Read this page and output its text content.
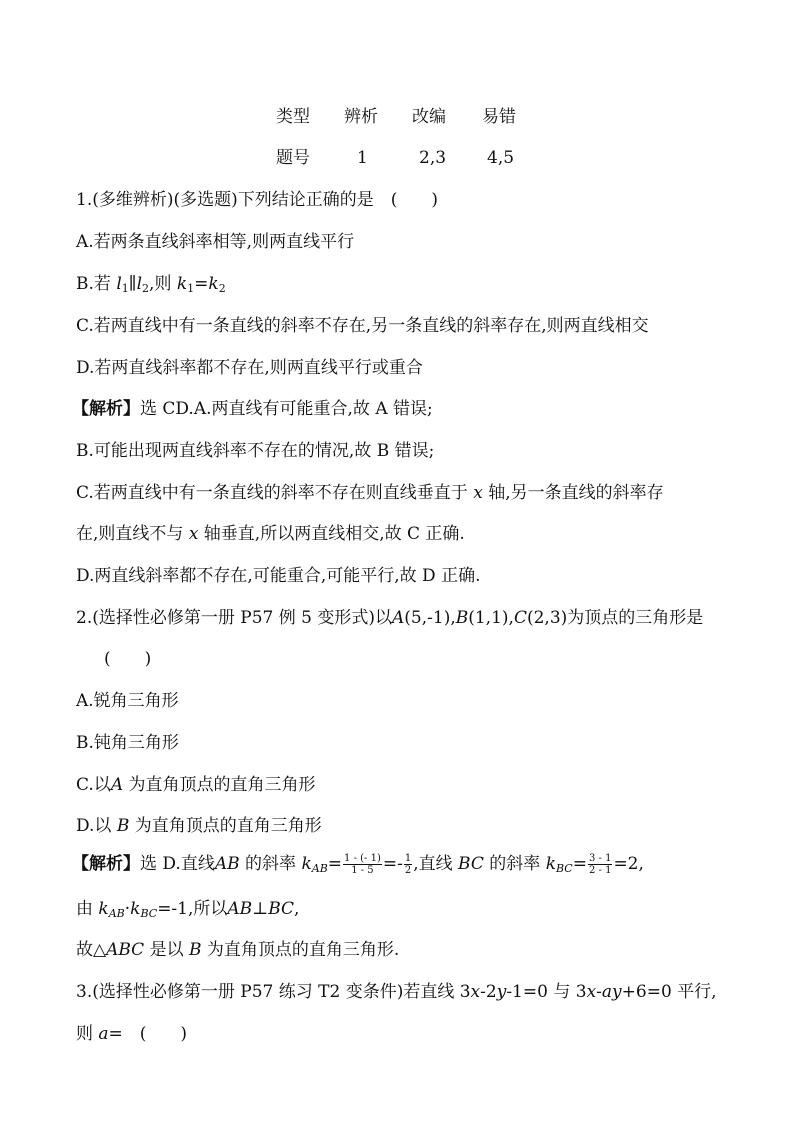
类型 辨析 改编 易错
题号	1	2,3 4,5
1.(多维辨析)(多选题)下列结论正确的是　(　　)
A.若两条直线斜率相等,则两直线平行
B.若 $l_1\parallel l_2$,则 $k_1=k_2$
C.若两直线中有一条直线的斜率不存在,另一条直线的斜率存在,则两直线相交
D.若两直线斜率都不存在,则两直线平行或重合
【解析】选 CD.A.两直线有可能重合,故 A 错误;
B.可能出现两直线斜率不存在的情况,故 B 错误;
C.若两直线中有一条直线的斜率不存在则直线垂直于 x 轴,另一条直线的斜率存
在,则直线不与 x 轴垂直,所以两直线相交,故 C 正确.
D.两直线斜率都不存在,可能重合,可能平行,故 D 正确.
2.(选择性必修第一册 P57 例 5 变形式)以A(5,-1),B(1,1),C(2,3)为顶点的三角形是
(　　)
A.锐角三角形
B.钝角三角形
C.以A 为直角顶点的直角三角形
D.以 B 为直角顶点的直角三角形
【解析】选 D.直线AB 的斜率 $k_{AB}= \frac{1 - (- 1)}{1 - 5} =- \frac{1}{2}$ ,直线 BC 的斜率 $k_{BC}= \frac{3 - 1}{2 - 1} =2$,
由 $k_{AB}\cdot k_{BC}=-1$,所以AB⊥BC,
故△ABC 是以 B 为直角顶点的直角三角形.
3.(选择性必修第一册 P57 练习 T2 变条件)若直线 3x-2y-1=0 与 3x-ay+6=0 平行,
则 a=　(　　)
